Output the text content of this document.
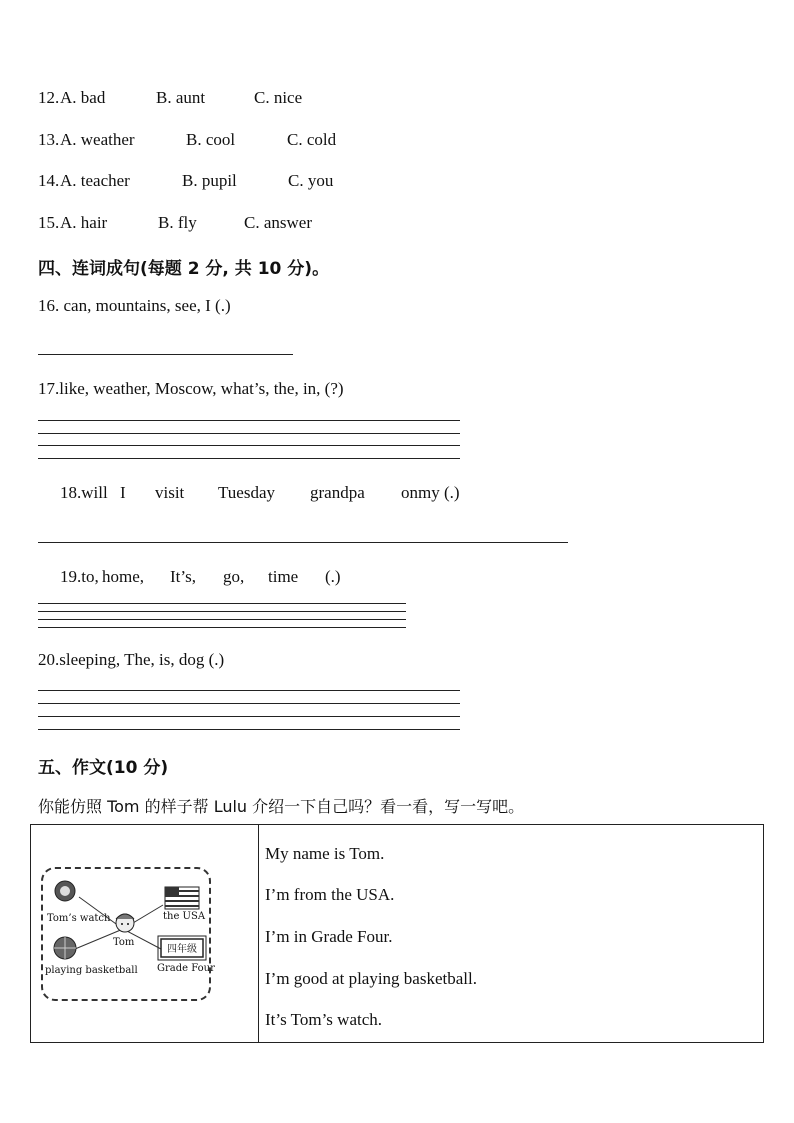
12. A. bad	B. aunt	C. nice
13. A. weather	B. cool	C. cold
14. A. teacher	B. pupil	C. you
15. A. hair	B. fly	C. answer
四、连词成句(每题 2 分, 共 10 分)。
16. can, mountains, see, I (.)
17.like, weather, Moscow, what’s, the, in, (?)
18.will I visit Tuesday grandpa onmy (.)
19.to, home, It’s, go, time (.)
20.sleeping, The, is, dog (.)
五、作文(10 分)
你能仿照 Tom 的样子帮 Lulu 介绍一下自己吗？看一看，写一写吧。
Tom’s watch	the USA
Tom
四年级
playing basketball Grade Four
My name is Tom.
I’m from the USA.
I’m in Grade Four.
I’m good at playing basketball.
It’s Tom’s watch.
